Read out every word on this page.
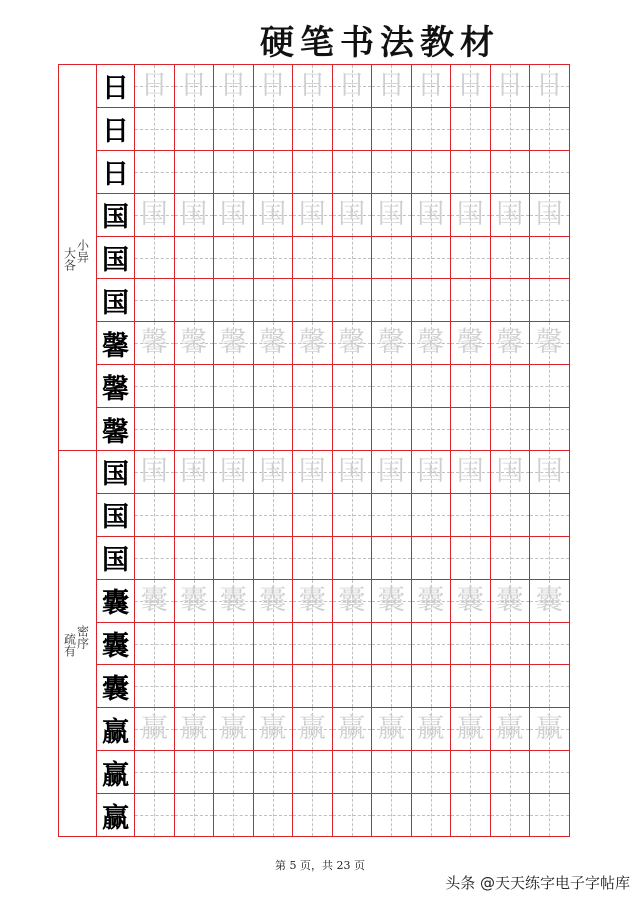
硬笔书法教材
大各小异	日	日	日	日	日	日	日	日	日	日	日	日
	日	

	日	

	国	国	国	国	国	国	国	国	国	国	国	国
	国	

	国	

	馨	馨	馨	馨	馨	馨	馨	馨	馨	馨	馨	馨
	馨	

	馨	

疏有密序	国	国	国	国	国	国	国	国	国	国	国	国
	国	

	国	

	囊	囊	囊	囊	囊	囊	囊	囊	囊	囊	囊	囊
	囊	

	囊	

	赢	赢	赢	赢	赢	赢	赢	赢	赢	赢	赢	赢
	赢	

	赢	

第 5 页，共 23 页
头条 @天天练字电子字帖库
